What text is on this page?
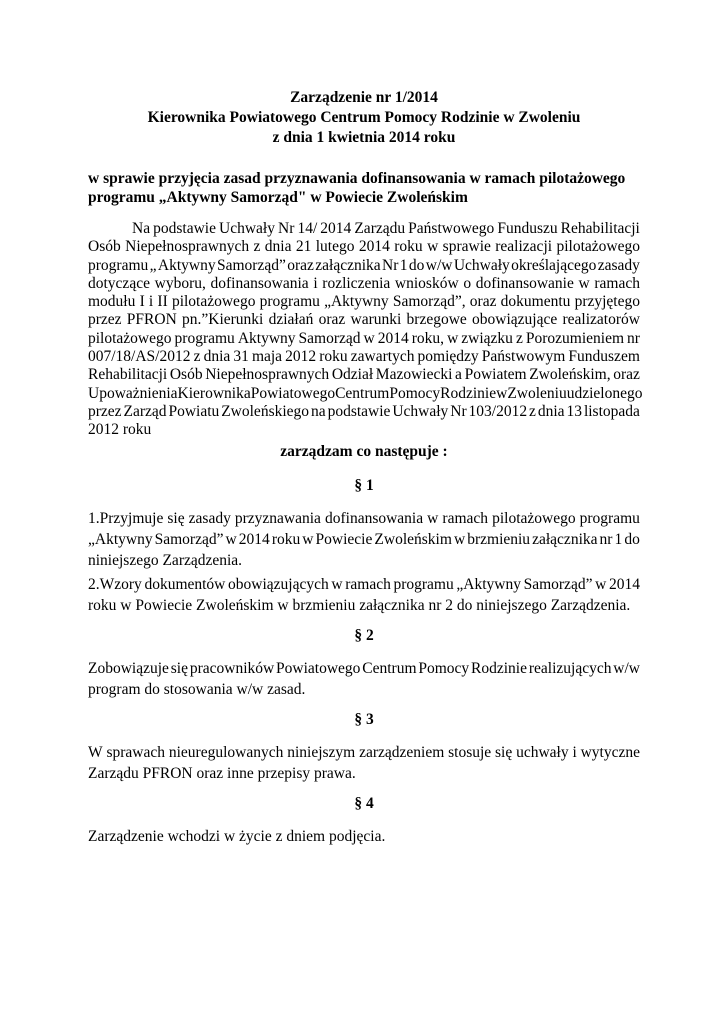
Zarządzenie nr 1/2014
Kierownika Powiatowego Centrum Pomocy Rodzinie w Zwoleniu
z dnia 1 kwietnia 2014 roku
w sprawie przyjęcia zasad przyznawania dofinansowania w ramach pilotażowego
programu „Aktywny Samorząd" w Powiecie Zwoleńskim
Na podstawie Uchwały Nr 14/ 2014 Zarządu Państwowego Funduszu Rehabilitacji
Osób Niepełnosprawnych z dnia 21 lutego 2014 roku w sprawie realizacji pilotażowego
programu „ Aktywny Samorząd” oraz załącznika Nr 1 do w/w Uchwały określającego zasady
dotyczące wyboru, dofinansowania i rozliczenia wniosków o dofinansowanie w ramach
modułu I i II pilotażowego programu „Aktywny Samorząd”, oraz dokumentu przyjętego
przez PFRON pn.”Kierunki działań oraz warunki brzegowe obowiązujące realizatorów
pilotażowego programu Aktywny Samorząd w 2014 roku, w związku z Porozumieniem nr
007/18/AS/2012 z dnia 31 maja 2012 roku zawartych pomiędzy Państwowym Funduszem
Rehabilitacji Osób Niepełnosprawnych Odział Mazowiecki a Powiatem Zwoleńskim, oraz
Upoważnienia Kierownika Powiatowego Centrum Pomocy Rodzinie w Zwoleniu udzielonego
przez Zarząd Powiatu Zwoleńskiego na podstawie Uchwały Nr 103/2012 z dnia 13 listopada
2012 roku
zarządzam co następuje :
§ 1
1.Przyjmuje się zasady przyznawania dofinansowania w ramach pilotażowego programu
„Aktywny Samorząd” w 2014 roku w Powiecie Zwoleńskim w brzmieniu załącznika nr 1 do
niniejszego Zarządzenia.
2.Wzory dokumentów obowiązujących w ramach programu „Aktywny Samorząd” w 2014
roku w Powiecie Zwoleńskim w brzmieniu załącznika nr 2 do niniejszego Zarządzenia.
§ 2
Zobowiązuje się pracowników Powiatowego Centrum Pomocy Rodzinie realizujących w/w
program do stosowania w/w zasad.
§ 3
W sprawach nieuregulowanych niniejszym zarządzeniem stosuje się uchwały i wytyczne
Zarządu PFRON oraz inne przepisy prawa.
§ 4
Zarządzenie wchodzi w życie z dniem podjęcia.
